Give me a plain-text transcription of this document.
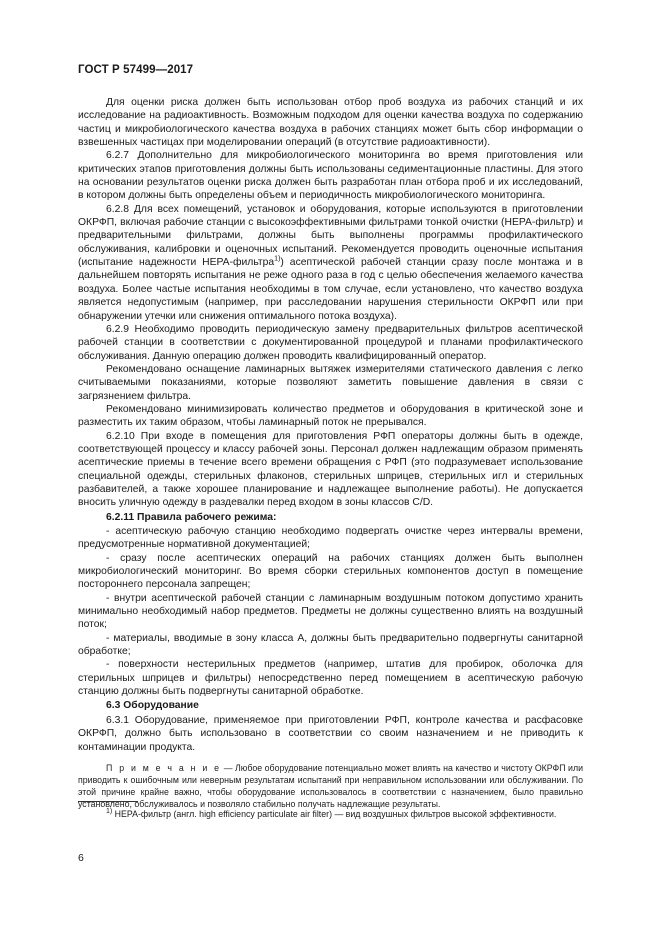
ГОСТ Р 57499—2017

Для оценки риска должен быть использован отбор проб воздуха из рабочих станций и их исследование на радиоактивность. Возможным подходом для оценки качества воздуха по содержанию частиц и микробиологического качества воздуха в рабочих станциях может быть сбор информации о взвешенных частицах при моделировании операций (в отсутствие радиоактивности).

6.2.7 Дополнительно для микробиологического мониторинга во время приготовления или критических этапов приготовления должны быть использованы седиментационные пластины. Для этого на основании результатов оценки риска должен быть разработан план отбора проб и их исследований, в котором должны быть определены объем и периодичность микробиологического мониторинга.

6.2.8 Для всех помещений, установок и оборудования, которые используются в приготовлении ОКРФП, включая рабочие станции с высокоэффективными фильтрами тонкой очистки (HEPA-фильтр) и предварительными фильтрами, должны быть выполнены программы профилактического обслуживания, калибровки и оценочных испытаний. Рекомендуется проводить оценочные испытания (испытание надежности HEPA-фильтра$^{1)}$) асептической рабочей станции сразу после монтажа и в дальнейшем повторять испытания не реже одного раза в год с целью обеспечения желаемого качества воздуха. Более частые испытания необходимы в том случае, если установлено, что качество воздуха является недопустимым (например, при расследовании нарушения стерильности ОКРФП или при обнаружении утечки или снижения оптимального потока воздуха).

6.2.9 Необходимо проводить периодическую замену предварительных фильтров асептической рабочей станции в соответствии с документированной процедурой и планами профилактического обслуживания. Данную операцию должен проводить квалифицированный оператор.

Рекомендовано оснащение ламинарных вытяжек измерителями статического давления с легко считываемыми показаниями, которые позволяют заметить повышение давления в связи с загрязнением фильтра.

Рекомендовано минимизировать количество предметов и оборудования в критической зоне и разместить их таким образом, чтобы ламинарный поток не прерывался.

6.2.10 При входе в помещения для приготовления РФП операторы должны быть в одежде, соответствующей процессу и классу рабочей зоны. Персонал должен надлежащим образом применять асептические приемы в течение всего времени обращения с РФП (это подразумевает использование специальной одежды, стерильных флаконов, стерильных шприцев, стерильных игл и стерильных разбавителей, а также хорошее планирование и надлежащее выполнение работы). Не допускается вносить уличную одежду в раздевалки перед входом в зоны классов С/D.

6.2.11 Правила рабочего режима:

- асептическую рабочую станцию необходимо подвергать очистке через интервалы времени, предусмотренные нормативной документацией;

- сразу после асептических операций на рабочих станциях должен быть выполнен микробиологический мониторинг. Во время сборки стерильных компонентов доступ в помещение постороннего персонала запрещен;

- внутри асептической рабочей станции с ламинарным воздушным потоком допустимо хранить минимально необходимый набор предметов. Предметы не должны существенно влиять на воздушный поток;

- материалы, вводимые в зону класса А, должны быть предварительно подвергнуты санитарной обработке;

- поверхности нестерильных предметов (например, штатив для пробирок, оболочка для стерильных шприцев и фильтры) непосредственно перед помещением в асептическую рабочую станцию должны быть подвергнуты санитарной обработке.

6.3 Оборудование

6.3.1 Оборудование, применяемое при приготовлении РФП, контроле качества и расфасовке ОКРФП, должно быть использовано в соответствии со своим назначением и не приводить к контаминации продукта.

П р и м е ч а н и е — Любое оборудование потенциально может влиять на качество и чистоту ОКРФП или приводить к ошибочным или неверным результатам испытаний при неправильном использовании или обслуживании. По этой причине крайне важно, чтобы оборудование использовалось в соответствии с назначением, было правильно установлено, обслуживалось и позволяло стабильно получать надлежащие результаты.

$^{1)}$ HEPA-фильтр (англ. high efficiency particulate air filter) — вид воздушных фильтров высокой эффективности.

6
